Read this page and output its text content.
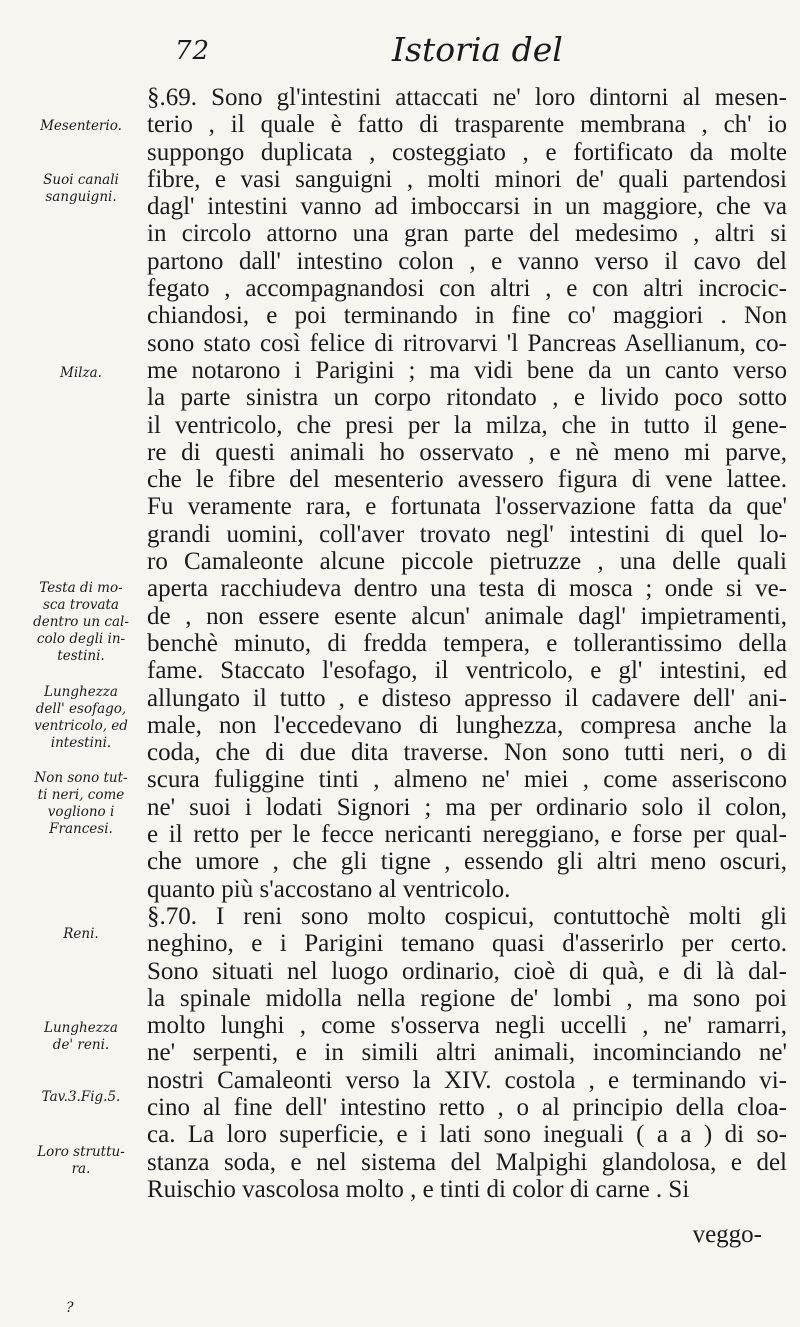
72	Istoria del
Mesenterio.
Suoi canali
sanguigni.
Milza.
Testa di mo-
sca trovata
dentro un cal-
colo degli in-
testini.
Lunghezza
dell' esofago,
ventricolo, ed
intestini.
Non sono tut-
ti neri, come
vogliono i
Francesi.
Reni.
Lunghezza
de' reni.
Tav.3.Fig.5.
Loro struttu-
ra.
§.69. Sono gl'intestini attaccati ne' loro dintorni al mesen-
terio , il quale è fatto di trasparente membrana , ch' io
suppongo duplicata , costeggiato , e fortificato da molte
fibre, e vasi sanguigni , molti minori de' quali partendosi
dagl' intestini vanno ad imboccarsi in un maggiore, che va
in circolo attorno una gran parte del medesimo , altri si
partono dall' intestino colon , e vanno verso il cavo del
fegato , accompagnandosi con altri , e con altri incrocic-
chiandosi, e poi terminando in fine co' maggiori . Non
sono stato così felice di ritrovarvi 'l Pancreas Asellianum, co-
me notarono i Parigini ; ma vidi bene da un canto verso
la parte sinistra un corpo ritondato , e livido poco sotto
il ventricolo, che presi per la milza, che in tutto il gene-
re di questi animali ho osservato , e nè meno mi parve,
che le fibre del mesenterio avessero figura di vene lattee.
Fu veramente rara, e fortunata l'osservazione fatta da que'
grandi uomini, coll'aver trovato negl' intestini di quel lo-
ro Camaleonte alcune piccole pietruzze , una delle quali
aperta racchiudeva dentro una testa di mosca ; onde si ve-
de , non essere esente alcun' animale dagl' impietramenti,
benchè minuto, di fredda tempera, e tollerantissimo della
fame. Staccato l'esofago, il ventricolo, e gl' intestini, ed
allungato il tutto , e disteso appresso il cadavere dell' ani-
male, non l'eccedevano di lunghezza, compresa anche la
coda, che di due dita traverse. Non sono tutti neri, o di
scura fuliggine tinti , almeno ne' miei , come asseriscono
ne' suoi i lodati Signori ; ma per ordinario solo il colon,
e il retto per le fecce nericanti nereggiano, e forse per qual-
che umore , che gli tigne , essendo gli altri meno oscuri,
quanto più s'accostano al ventricolo.
§.70. I reni sono molto cospicui, contuttochè molti gli
neghino, e i Parigini temano quasi d'asserirlo per certo.
Sono situati nel luogo ordinario, cioè di quà, e di là dal-
la spinale midolla nella regione de' lombi , ma sono poi
molto lunghi , come s'osserva negli uccelli , ne' ramarri,
ne' serpenti, e in simili altri animali, incominciando ne'
nostri Camaleonti verso la XIV. costola , e terminando vi-
cino al fine dell' intestino retto , o al principio della cloa-
ca. La loro superficie, e i lati sono ineguali ( a a ) di so-
stanza soda, e nel sistema del Malpighi glandolosa, e del
Ruischio vascolosa molto , e tinti di color di carne . Si
veggo-
?
